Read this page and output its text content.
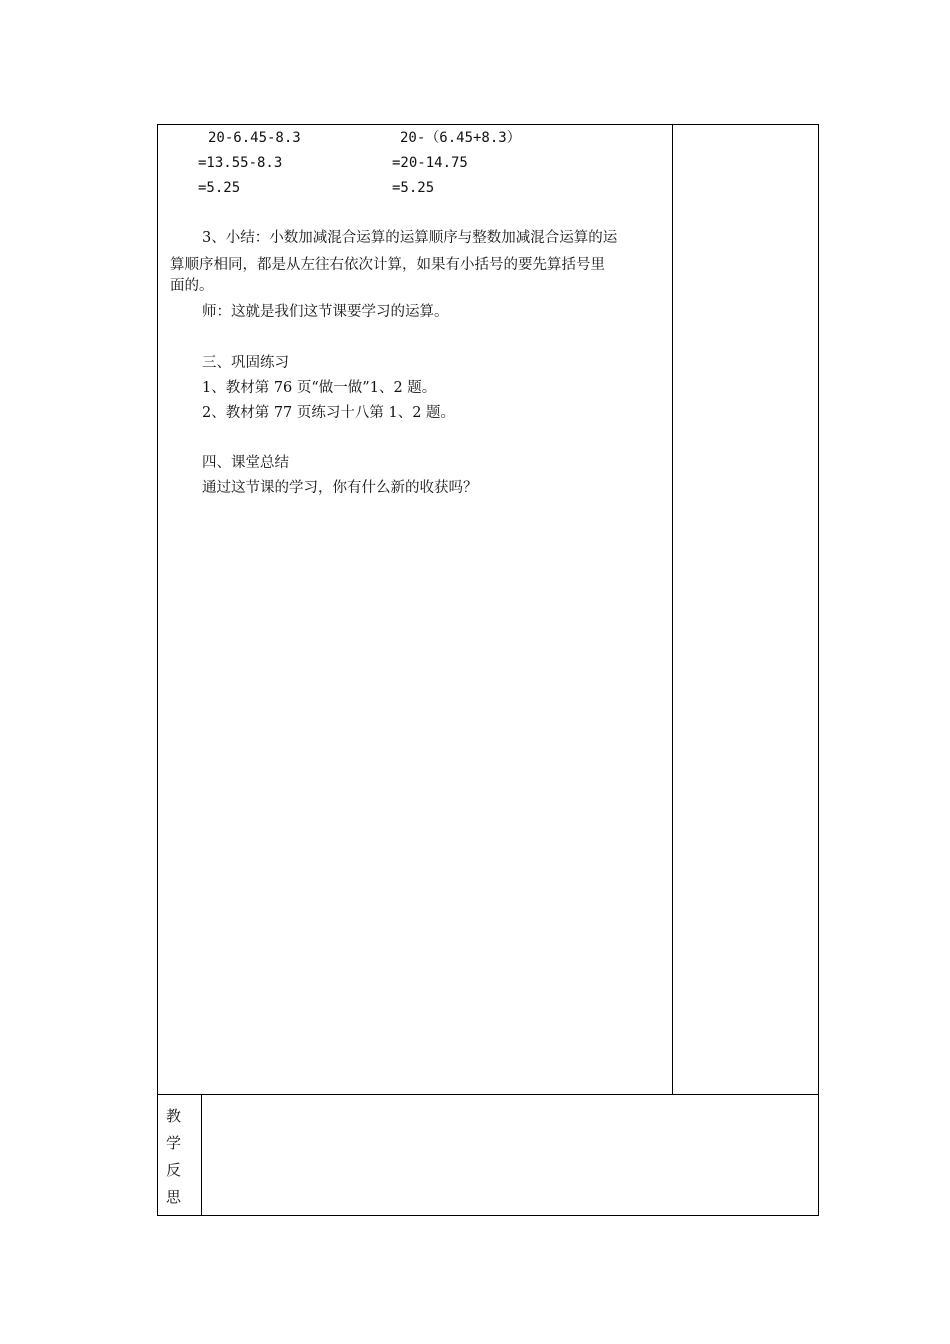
20-6.45-8.3
=13.55-8.3
=5.25
20-（6.45+8.3）
=20-14.75
=5.25
3、小结：小数加减混合运算的运算顺序与整数加减混合运算的运
算顺序相同，都是从左往右依次计算，如果有小括号的要先算括号里
面的。
师：这就是我们这节课要学习的运算。
三、巩固练习
1、教材第 76 页“做一做”1、2 题。
2、教材第 77 页练习十八第 1、2 题。
四、课堂总结
通过这节课的学习，你有什么新的收获吗？
教
学
反
思
